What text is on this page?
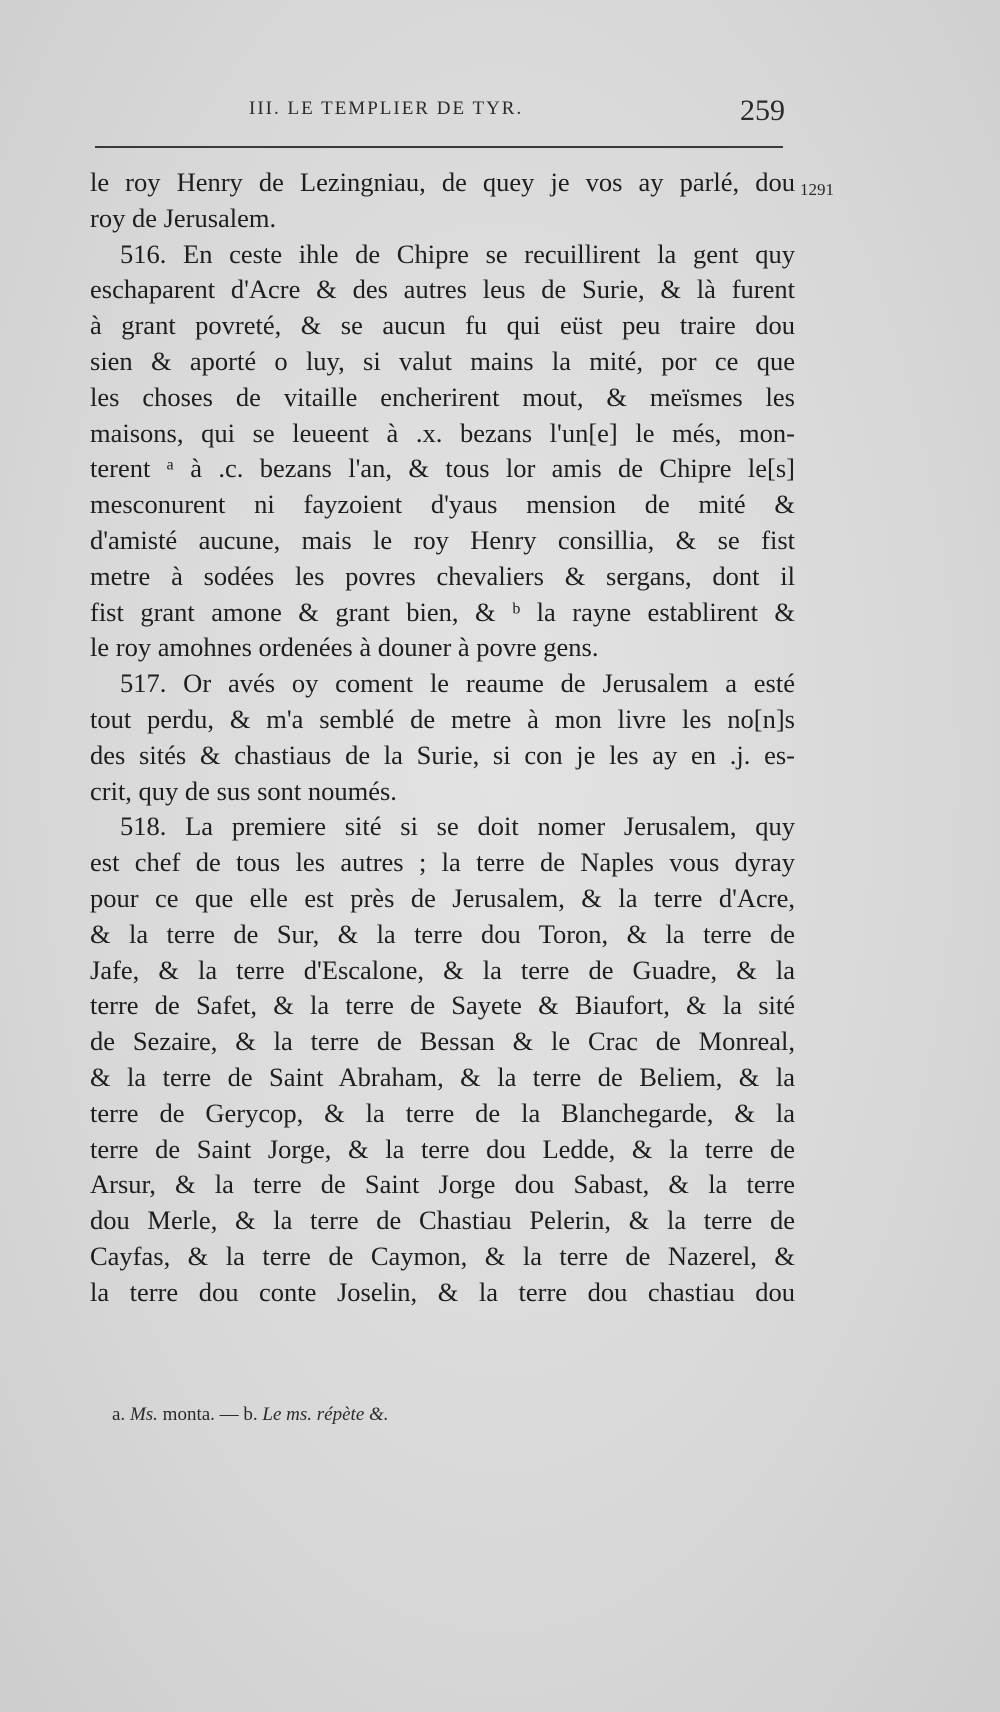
III. LE TEMPLIER DE TYR.	259
1291

le roy Henry de Lezingniau, de quey je vos ay parlé, dou
roy de Jerusalem.

516. En ceste ihle de Chipre se recuillirent la gent quy
eschaparent d'Acre & des autres leus de Surie, & là furent
à grant povreté, & se aucun fu qui eüst peu traire dou
sien & aporté o luy, si valut mains la mité, por ce que
les choses de vitaille encherirent mout, & meïsmes les
maisons, qui se leueent à .x. bezans l'un[e] le més, mon-
terent ᵃ à .c. bezans l'an, & tous lor amis de Chipre le[s]
mesconurent ni fayzoient d'yaus mension de mité &
d'amisté aucune, mais le roy Henry consillia, & se fist
metre à sodées les povres chevaliers & sergans, dont il
fist grant amone & grant bien, & ᵇ la rayne establirent &
le roy amohnes ordenées à douner à povre gens.

517. Or avés oy coment le reaume de Jerusalem a esté
tout perdu, & m'a semblé de metre à mon livre les no[n]s
des sités & chastiaus de la Surie, si con je les ay en .j. es-
crit, quy de sus sont noumés.

518. La premiere sité si se doit nomer Jerusalem, quy
est chef de tous les autres ; la terre de Naples vous dyray
pour ce que elle est près de Jerusalem, & la terre d'Acre,
& la terre de Sur, & la terre dou Toron, & la terre de
Jafe, & la terre d'Escalone, & la terre de Guadre, & la
terre de Safet, & la terre de Sayete & Biaufort, & la sité
de Sezaire, & la terre de Bessan & le Crac de Monreal,
& la terre de Saint Abraham, & la terre de Beliem, & la
terre de Gerycop, & la terre de la Blanchegarde, & la
terre de Saint Jorge, & la terre dou Ledde, & la terre de
Arsur, & la terre de Saint Jorge dou Sabast, & la terre
dou Merle, & la terre de Chastiau Pelerin, & la terre de
Cayfas, & la terre de Caymon, & la terre de Nazerel, &
la terre dou conte Joselin, & la terre dou chastiau dou

a. Ms. monta. — b. Le ms. répète &.
